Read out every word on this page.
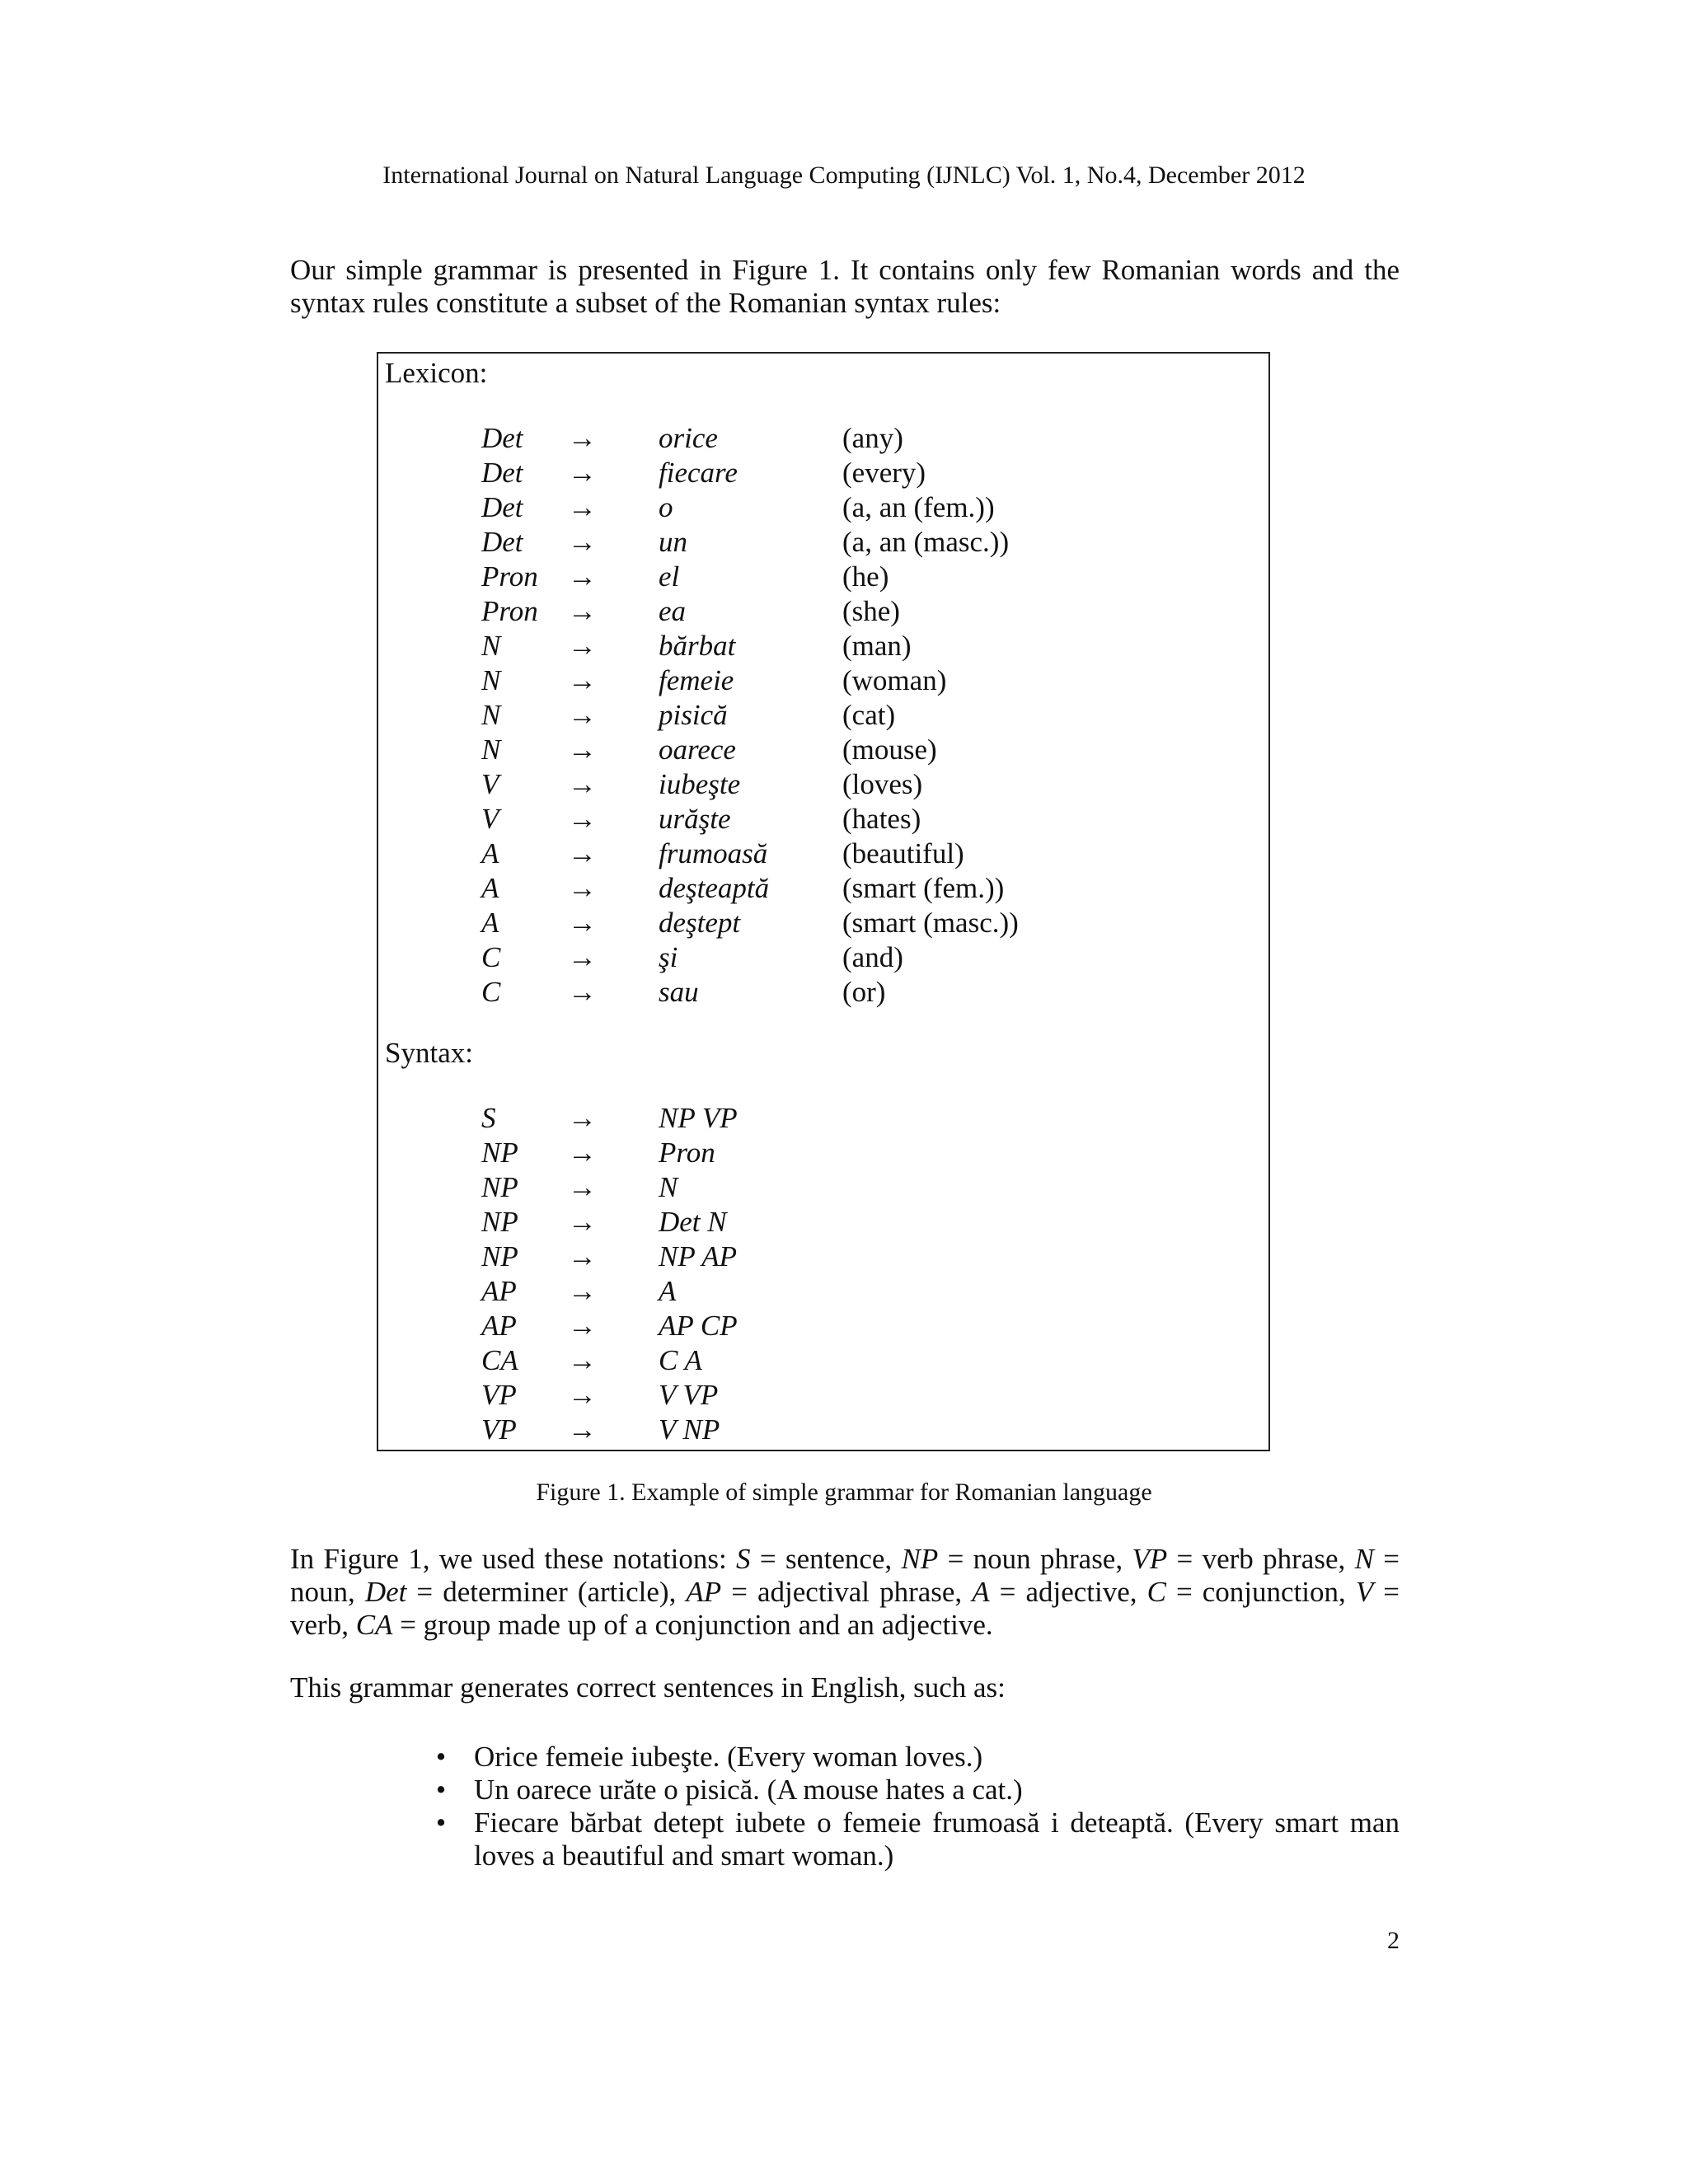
International Journal on Natural Language Computing (IJNLC) Vol. 1, No.4, December 2012
Our simple grammar is presented in Figure 1. It contains only few Romanian words and the
syntax rules constitute a subset of the Romanian syntax rules:
Lexicon:
Det → orice	(any)
Det → fiecare	(every)
Det → o	(a, an (fem.))
Det → un	(a, an (masc.))
Pron → el	(he)
Pron → ea	(she)
N → bărbat	(man)
N → femeie	(woman)
N → pisică	(cat)
N → oarece	(mouse)
V → iubeşte	(loves)
V → urăşte	(hates)
A → frumoasă	(beautiful)
A → deşteaptă	(smart (fem.))
A → deştept	(smart (masc.))
C → şi	(and)
C → sau	(or)
Syntax:
S	→ NP VP
NP → Pron
NP → N
NP → Det N
NP → NP AP
AP → A
AP → AP CP
CA → C A
VP → V VP
VP → V NP
Figure 1. Example of simple grammar for Romanian language
In Figure 1, we used these notations: S = sentence, NP = noun phrase, VP = verb phrase, N = noun, Det = determiner (article), AP = adjectival phrase, A = adjective, C = conjunction, V = verb, CA = group made up of a conjunction and an adjective.
This grammar generates correct sentences in English, such as:
• Orice femeie iubeşte. (Every woman loves.)
• Un oarece urăte o pisică. (A mouse hates a cat.)
• Fiecare bărbat detept iubete o femeie frumoasă i deteaptă. (Every smart man loves a beautiful and smart woman.)
2
